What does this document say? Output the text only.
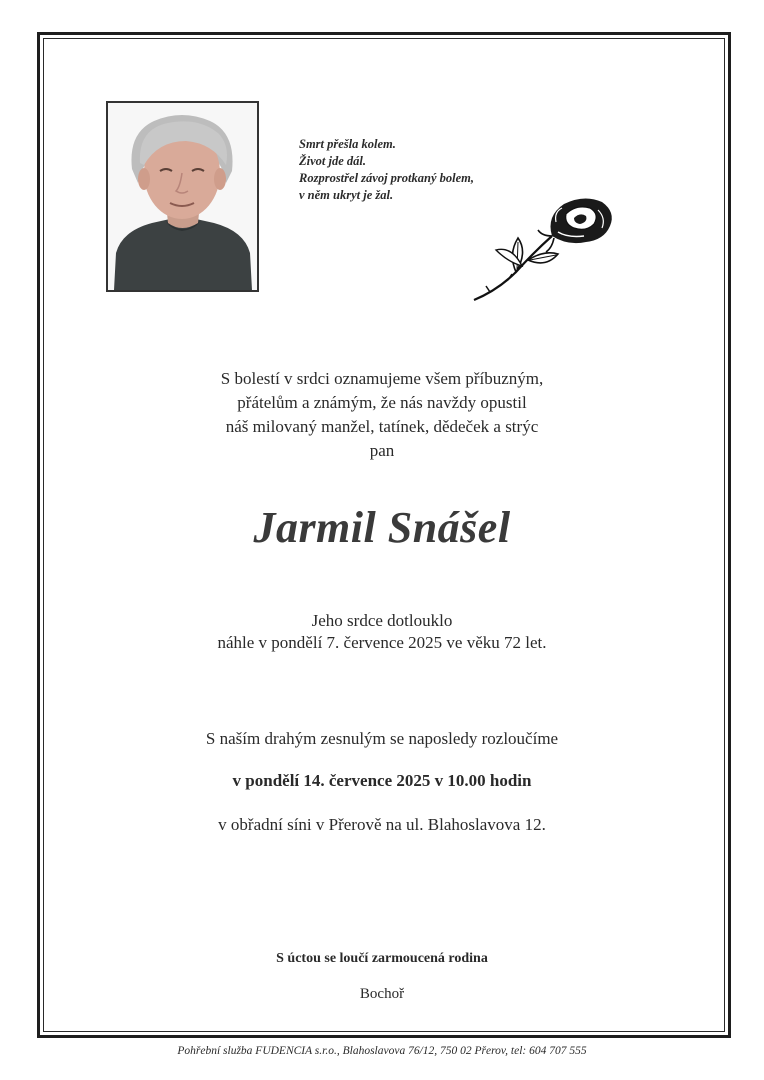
Smrt přešla kolem.
Život jde dál.
Rozprostřel závoj protkaný bolem,
v něm ukryt je žal.
S bolestí v srdci oznamujeme všem příbuzným,
přátelům a známým, že nás navždy opustil
náš milovaný manžel, tatínek, dědeček a strýc
pan
Jarmil Snášel
Jeho srdce dotlouklo
náhle v pondělí 7. července 2025 ve věku 72 let.
S naším drahým zesnulým se naposledy rozloučíme
v pondělí 14. července 2025 v 10.00 hodin
v obřadní síni v Přerově na ul. Blahoslavova 12.
S úctou se loučí zarmoucená rodina
Bochoř
Pohřební služba FUDENCIA s.r.o., Blahoslavova 76/12, 750 02 Přerov, tel: 604 707 555
